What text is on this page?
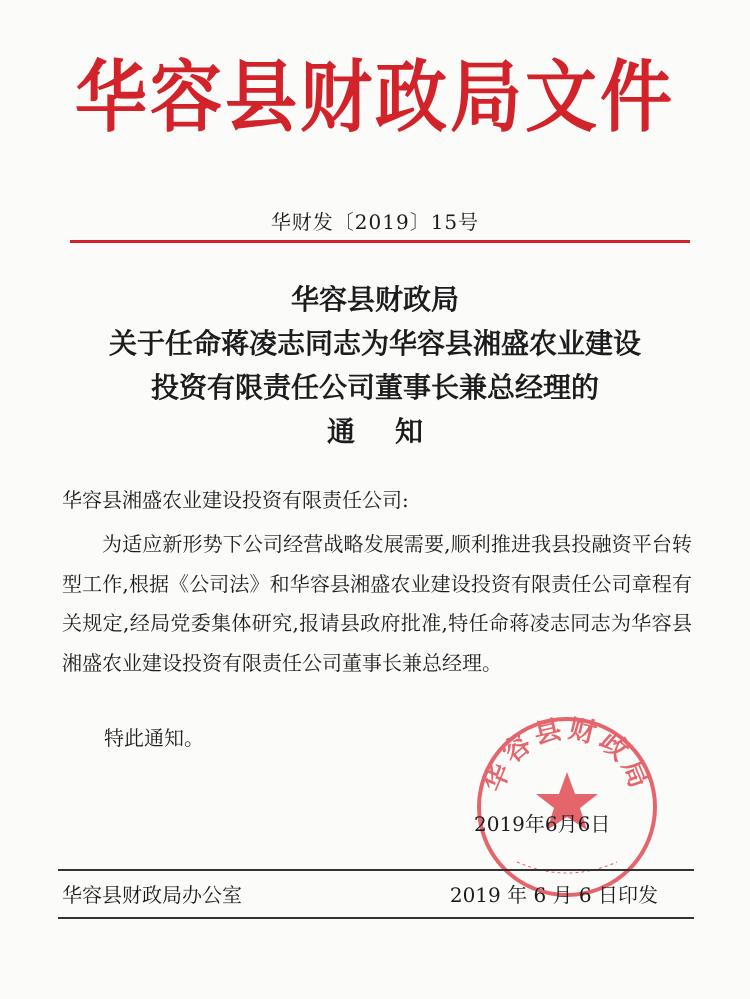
华容县财政局文件
华财发〔2019〕15号
华容县财政局
关于任命蒋凌志同志为华容县湘盛农业建设
投资有限责任公司董事长兼总经理的
通知
华容县湘盛农业建设投资有限责任公司:
为适应新形势下公司经营战略发展需要,顺利推进我县投融资平台转型工作,根据《公司法》和华容县湘盛农业建设投资有限责任公司章程有关规定,经局党委集体研究,报请县政府批准,特任命蒋凌志同志为华容县湘盛农业建设投资有限责任公司董事长兼总经理。
特此通知。
华容县财政局
2019年6月6日
华容县财政局办公室	2019 年 6 月 6 日印发
